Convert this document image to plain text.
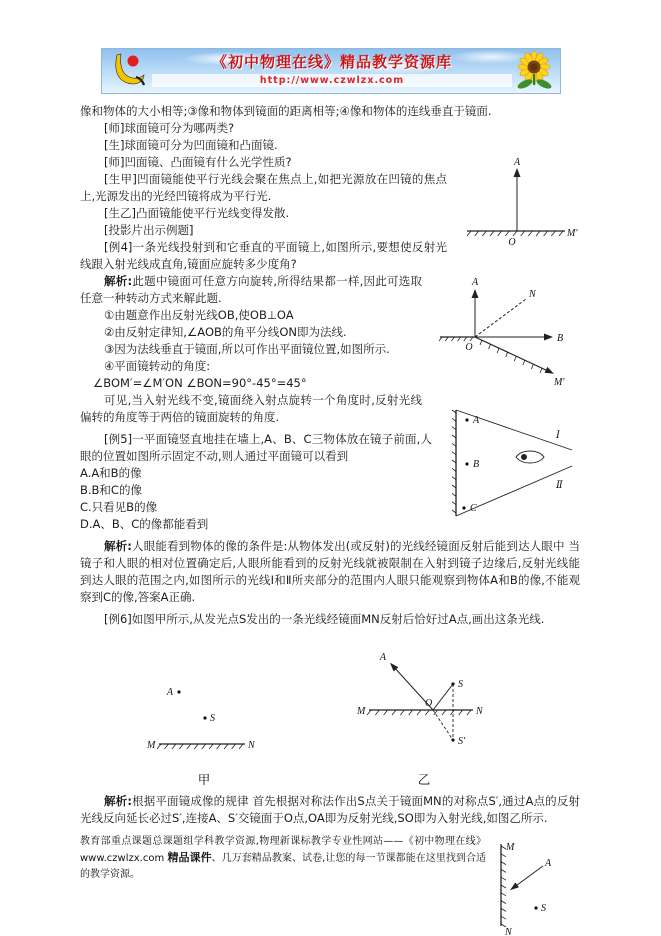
《初中物理在线》精品教学资源库
http://www.czwlzx.com

像和物体的大小相等;③像和物体到镜面的距离相等;④像和物体的连线垂直于镜面.

[师]球面镜可分为哪两类?

[生]球面镜可分为凹面镜和凸面镜.

A
O
M′

[师]凹面镜、凸面镜有什么光学性质?

[生甲]凹面镜能使平行光线会聚在焦点上,如把光源放在凹镜的焦点上,光源发出的光经凹镜将成为平行光.

[生乙]凸面镜能使平行光线变得发散.

[投影片出示例题]

[例4]一条光线投射到和它垂直的平面镜上,如图所示,要想使反射光线跟入射光线成直角,镜面应旋转多少度角?

A
B
N
O
M′
Ⅰ
Ⅱ
A
B
C

解析:此题中镜面可任意方向旋转,所得结果都一样,因此可选取任意一种转动方式来解此题.

①由题意作出反射光线OB,使OB⊥OA

②由反射定律知,∠AOB的角平分线ON即为法线.

③因为法线垂直于镜面,所以可作出平面镜位置,如图所示.

④平面镜转动的角度:

∠BOM′=∠M′ON ∠BON=90°-45°=45°

可见,当入射光线不变,镜面绕入射点旋转一个角度时,反射光线偏转的角度等于两倍的镜面旋转的角度.

[例5]一平面镜竖直地挂在墙上,A、B、C三物体放在镜子前面,人眼的位置如图所示固定不动,则人通过平面镜可以看到

A.A和B的像

B.B和C的像

C.只看见B的像

D.A、B、C的像都能看到

解析:人眼能看到物体的像的条件是:从物体发出(或反射)的光线经镜面反射后能到达人眼中 当镜子和人眼的相对位置确定后,人眼所能看到的反射光线就被限制在入射到镜子边缘后,反射光线能到达人眼的范围之内,如图所示的光线Ⅰ和Ⅱ所夹部分的范围内人眼只能观察到物体A和B的像,不能观察到C的像,答案A正确.

[例6]如图甲所示,从发光点S发出的一条光线经镜面MN反射后恰好过A点,画出这条光线.

A
S
M	N
甲
M	N
A
O
S
S′
乙

解析:根据平面镜成像的规律 首先根据对称法作出S点关于镜面MN的对称点S′,通过A点的反射光线反向延长必过S′,连接A、S′交镜面于O点,OA即为反射光线,SO即为入射光线,如图乙所示.

教育部重点课题总课题组学科教学资源,物理新课标教学专业性网站——《初中物理在线》www.czwlzx.com 精品课件、几万套精品教案、试卷,让您的每一节课都能在这里找到合适的教学资源。
M
N
A
S
